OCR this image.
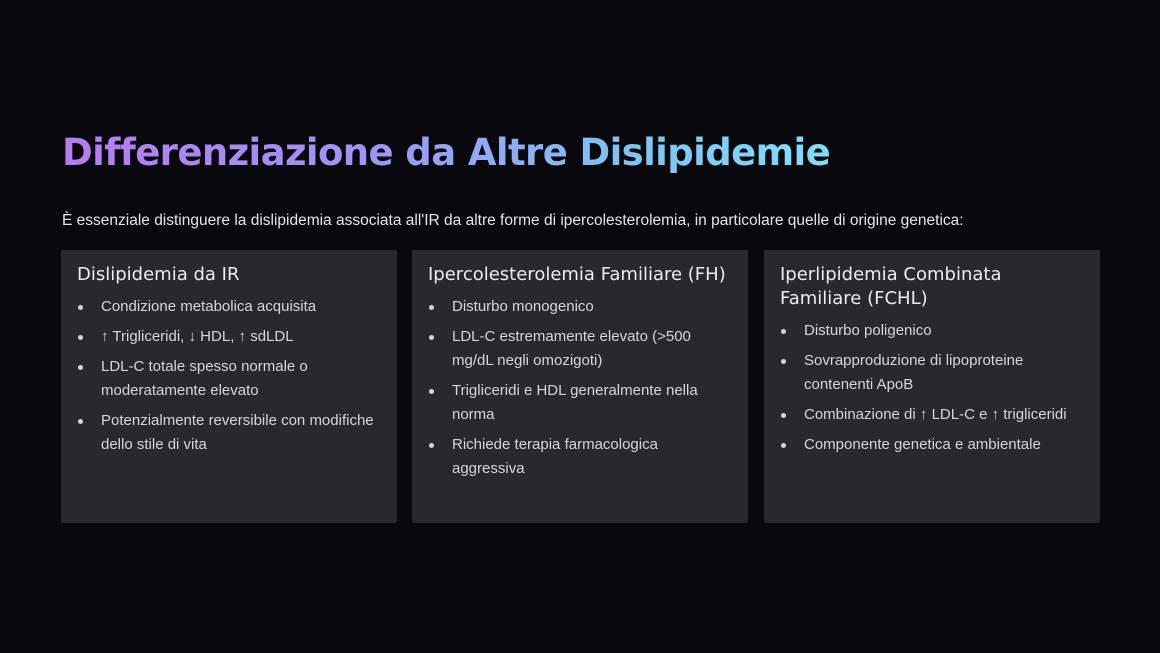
Differenziazione da Altre Dislipidemie

È essenziale distinguere la dislipidemia associata all'IR da altre forme di ipercolesterolemia, in particolare quelle di origine genetica:

Dislipidemia da IR
Condizione metabolica acquisita
↑ Trigliceridi, ↓ HDL, ↑ sdLDL
LDL-C totale spesso normale o moderatamente elevato
Potenzialmente reversibile con modifiche dello stile di vita
Ipercolesterolemia Familiare (FH)
Disturbo monogenico
LDL-C estremamente elevato (>500 mg/dL negli omozigoti)
Trigliceridi e HDL generalmente nella norma
Richiede terapia farmacologica aggressiva
Iperlipidemia Combinata Familiare (FCHL)
Disturbo poligenico
Sovrapproduzione di lipoproteine contenenti ApoB
Combinazione di ↑ LDL-C e ↑ trigliceridi
Componente genetica e ambientale
